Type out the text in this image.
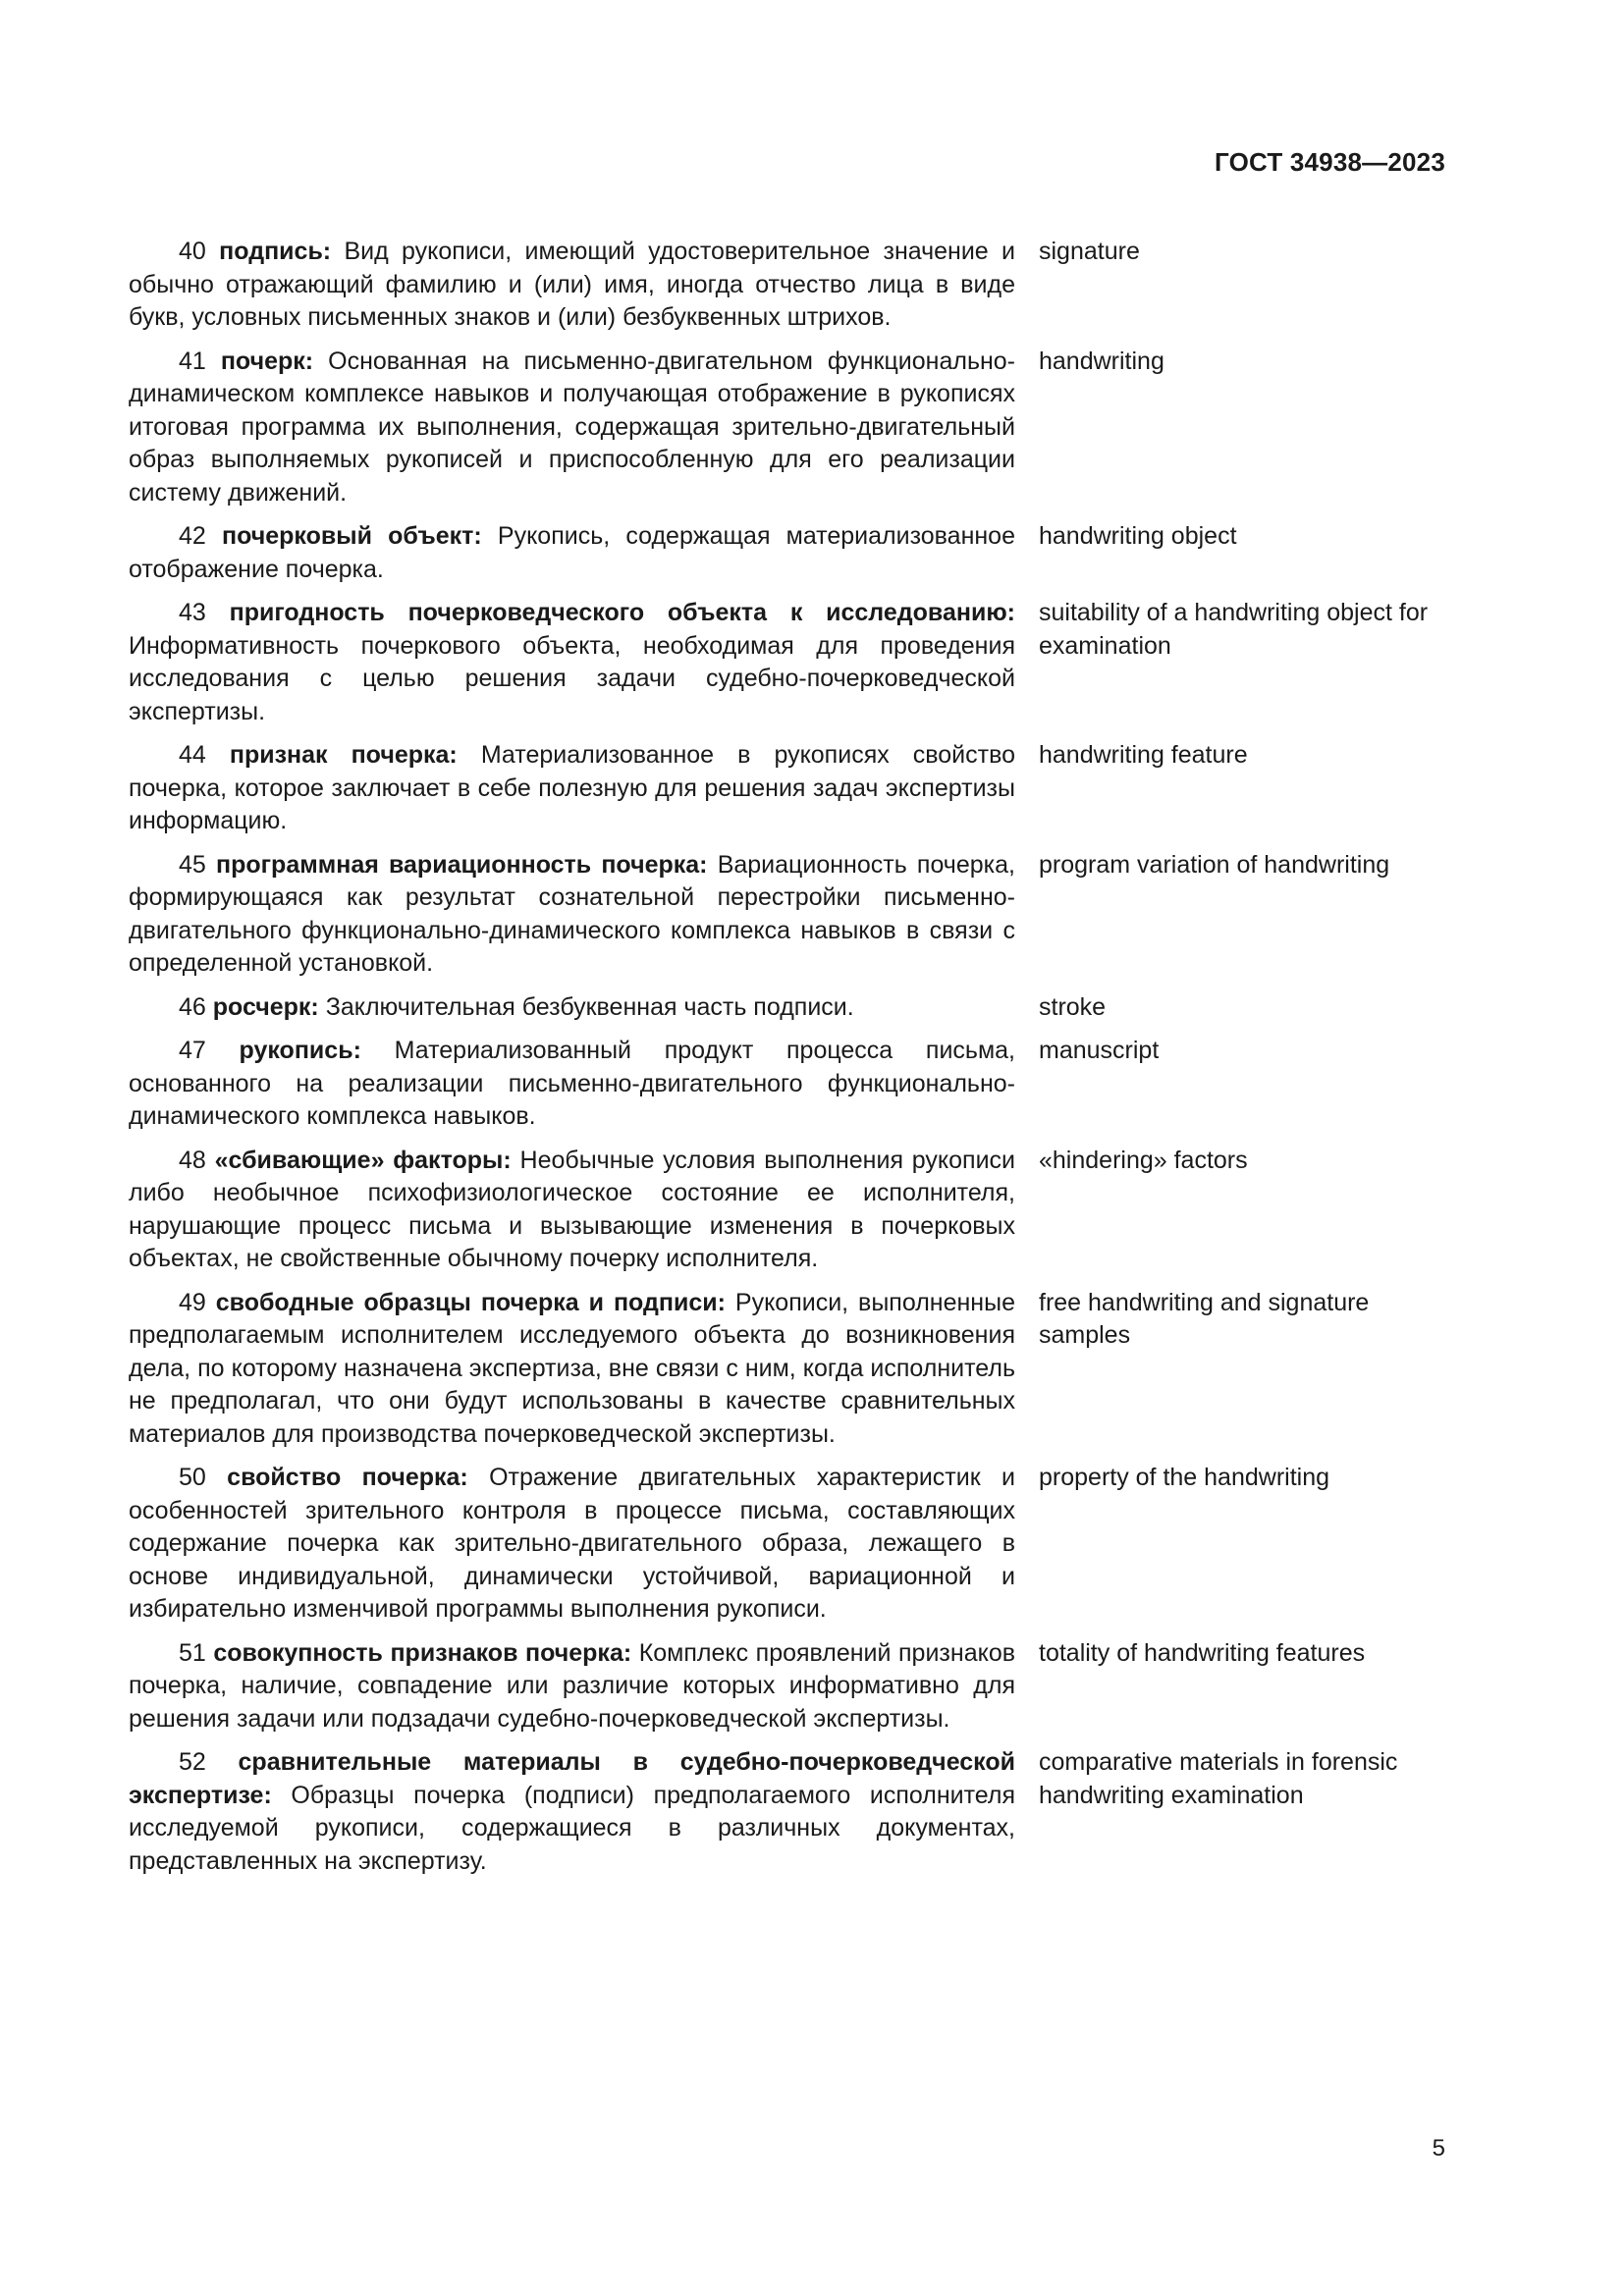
ГОСТ 34938—2023
40 подпись: Вид рукописи, имеющий удостоверительное значение и обычно отражающий фамилию и (или) имя, иногда отчество лица в виде букв, условных письменных знаков и (или) безбуквенных штрихов.
signature
41 почерк: Основанная на письменно-двигательном функционально-динамическом комплексе навыков и получающая отображение в рукописях итоговая программа их выполнения, содержащая зрительно-двигательный образ выполняемых рукописей и приспособленную для его реализации систему движений.
handwriting
42 почерковый объект: Рукопись, содержащая материализованное отображение почерка.
handwriting object
43 пригодность почерковедческого объекта к исследованию: Информативность почеркового объекта, необходимая для проведения исследования с целью решения задачи судебно-почерковедческой экспертизы.
suitability of a handwriting object for examination
44 признак почерка: Материализованное в рукописях свойство почерка, которое заключает в себе полезную для решения задач экспертизы информацию.
handwriting feature
45 программная вариационность почерка: Вариационность почерка, формирующаяся как результат сознательной перестройки письменно-двигательного функционально-динамического комплекса навыков в связи с определенной установкой.
program variation of handwriting
46 росчерк: Заключительная безбуквенная часть подписи.	stroke
47 рукопись: Материализованный продукт процесса письма, основанного на реализации письменно-двигательного функционально-динамического комплекса навыков.
manuscript
48 «сбивающие» факторы: Необычные условия выполнения рукописи либо необычное психофизиологическое состояние ее исполнителя, нарушающие процесс письма и вызывающие изменения в почерковых объектах, не свойственные обычному почерку исполнителя.
«hindering» factors
49 свободные образцы почерка и подписи: Рукописи, выполненные предполагаемым исполнителем исследуемого объекта до возникновения дела, по которому назначена экспертиза, вне связи с ним, когда исполнитель не предполагал, что они будут использованы в качестве сравнительных материалов для производства почерковедческой экспертизы.
free handwriting and signature samples
50 свойство почерка: Отражение двигательных характеристик и особенностей зрительного контроля в процессе письма, составляющих содержание почерка как зрительно-двигательного образа, лежащего в основе индивидуальной, динамически устойчивой, вариационной и избирательно изменчивой программы выполнения рукописи.
property of the handwriting
51 совокупность признаков почерка: Комплекс проявлений признаков почерка, наличие, совпадение или различие которых информативно для решения задачи или подзадачи судебно-почерковедческой экспертизы.
totality of handwriting features
52 сравнительные материалы в судебно-почерковедческой экспертизе: Образцы почерка (подписи) предполагаемого исполнителя исследуемой рукописи, содержащиеся в различных документах, представленных на экспертизу.
comparative materials in forensic handwriting examination
5
